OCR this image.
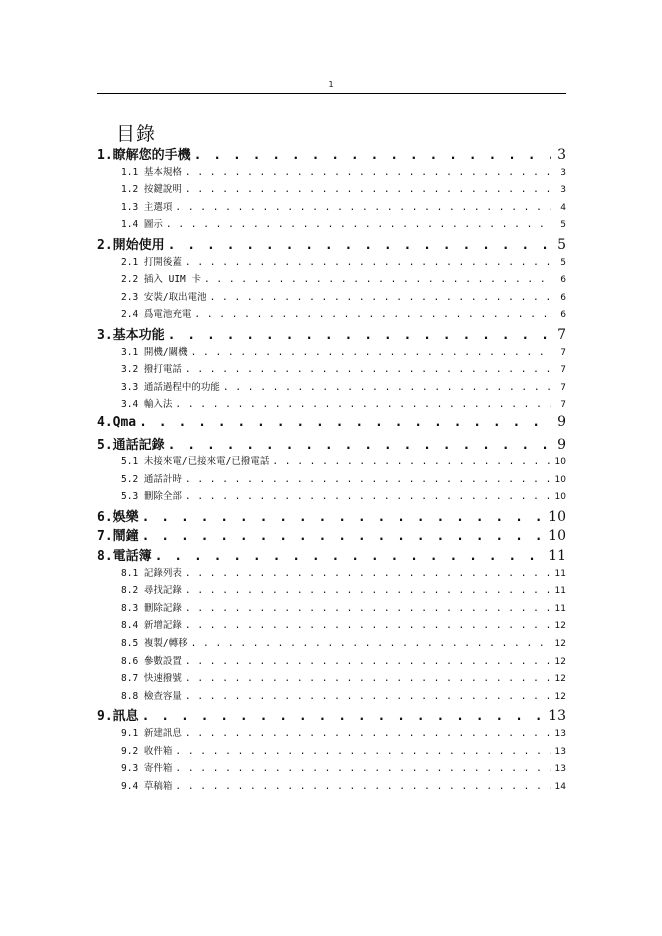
1
目錄
1.瞭解您的手機 . . .	3
1.1 基本規格 . . .	3
1.2 按鍵說明 . . .	3
1.3 主選項 . . .	4
1.4 圖示 . . .	5
2.開始使用 . . .	5
2.1 打開後蓋 . . .	5
2.2 插入 UIM 卡 . . .	6
2.3 安裝/取出電池 . . .	6
2.4 爲電池充電 . . .	6
3.基本功能 . . .	7
3.1 開機/關機 . . .	7
3.2 撥打電話 . . .	7
3.3 通話過程中的功能 . . .	7
3.4 輸入法 . . .	7
4.Qma . . .	9
5.通話記錄 . . .	9
5.1 未接來電/已接來電/已撥電話 . . .	10
5.2 通話計時 . . .	10
5.3 刪除全部 . . .	10
6.娛樂 . . .	10
7.鬧鐘 . . .	10
8.電話簿 . . .	11
8.1 記錄列表 . . .	11
8.2 尋找記錄 . . .	11
8.3 刪除記錄 . . .	11
8.4 新增記錄 . . .	12
8.5 複製/轉移 . . .	12
8.6 參數設置 . . .	12
8.7 快速撥號 . . .	12
8.8 檢查容量 . . .	12
9.訊息 . . .	13
9.1 新建訊息 . . .	13
9.2 收件箱 . . .	13
9.3 寄件箱 . . .	13
9.4 草稿箱 . . .	14
